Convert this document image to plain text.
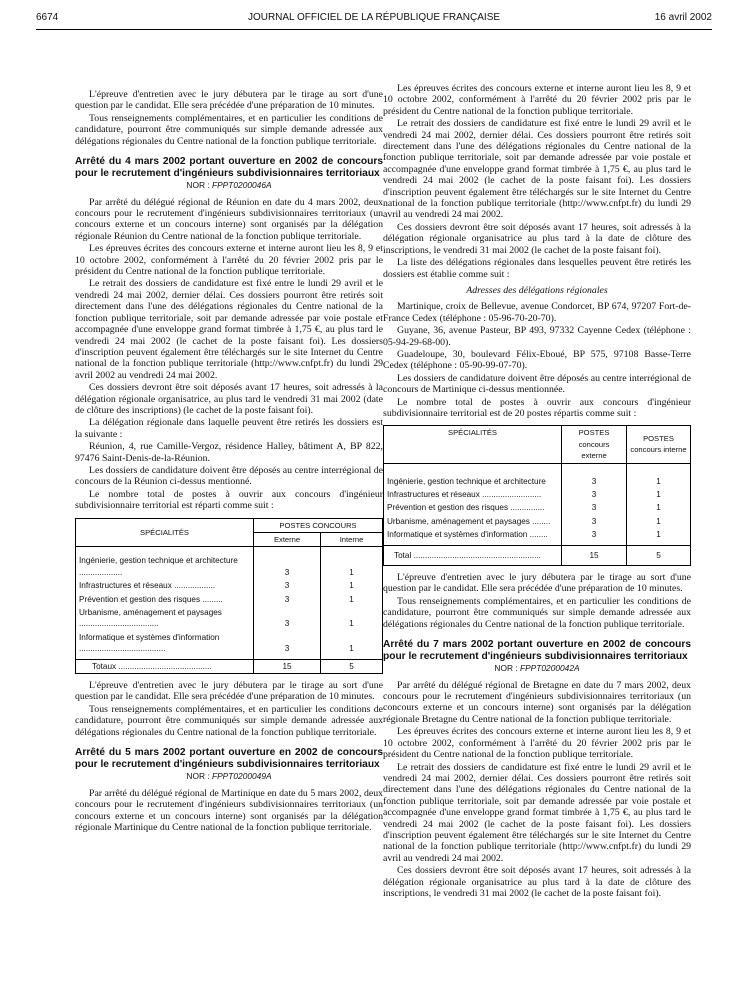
6674	JOURNAL OFFICIEL DE LA RÉPUBLIQUE FRANÇAISE	16 avril 2002

L'épreuve d'entretien avec le jury débutera par le tirage au sort d'une question par le candidat. Elle sera précédée d'une préparation de 10 minutes.

Tous renseignements complémentaires, et en particulier les conditions de candidature, pourront être communiqués sur simple demande adressée aux délégations régionales du Centre national de la fonction publique territoriale.

Arrêté du 4 mars 2002 portant ouverture en 2002 de concours pour le recrutement d'ingénieurs subdivisionnaires territoriaux
NOR : FPPT0200046A

Par arrêté du délégué régional de Réunion en date du 4 mars 2002, deux concours pour le recrutement d'ingénieurs subdivisionnaires territoriaux (un concours externe et un concours interne) sont organisés par la délégation régionale Réunion du Centre national de la fonction publique territoriale.

Les épreuves écrites des concours externe et interne auront lieu les 8, 9 et 10 octobre 2002, conformément à l'arrêté du 20 février 2002 pris par le président du Centre national de la fonction publique territoriale.

Le retrait des dossiers de candidature est fixé entre le lundi 29 avril et le vendredi 24 mai 2002, dernier délai. Ces dossiers pourront être retirés soit directement dans l'une des délégations régionales du Centre national de la fonction publique territoriale, soit par demande adressée par voie postale et accompagnée d'une enveloppe grand format timbrée à 1,75 €, au plus tard le vendredi 24 mai 2002 (le cachet de la poste faisant foi). Les dossiers d'inscription peuvent également être téléchargés sur le site Internet du Centre national de la fonction publique territoriale (http://www.cnfpt.fr) du lundi 29 avril 2002 au vendredi 24 mai 2002.

Ces dossiers devront être soit déposés avant 17 heures, soit adressés à la délégation régionale organisatrice, au plus tard le vendredi 31 mai 2002 (date de clôture des inscriptions) (le cachet de la poste faisant foi).

La délégation régionale dans laquelle peuvent être retirés les dossiers est la suivante :

Réunion, 4, rue Camille-Vergoz, résidence Halley, bâtiment A, BP 822, 97476 Saint-Denis-de-la-Réunion.

Les dossiers de candidature doivent être déposés au centre interrégional de concours de la Réunion ci-dessus mentionné.

Le nombre total de postes à ouvrir aux concours d'ingénieur subdivisionnaire territorial est réparti comme suit :

SPÉCIALITÉS	POSTES CONCOURS	
	Externe	Interne
Ingénierie, gestion technique et architecture ...................	3	1
Infrastructures et réseaux ..................	3	1
Prévention et gestion des risques .........	3	1
Urbanisme, aménagement et paysages ...................................	3	1
Informatique et systèmes d'information ......................................	3	1
Totaux .........................................	15	5

L'épreuve d'entretien avec le jury débutera par le tirage au sort d'une question par le candidat. Elle sera précédée d'une préparation de 10 minutes.

Tous renseignements complémentaires, et en particulier les conditions de candidature, pourront être communiqués sur simple demande adressée aux délégations régionales du Centre national de la fonction publique territoriale.

Arrêté du 5 mars 2002 portant ouverture en 2002 de concours pour le recrutement d'ingénieurs subdivisionnaires territoriaux
NOR : FPPT0200049A

Par arrêté du délégué régional de Martinique en date du 5 mars 2002, deux concours pour le recrutement d'ingénieurs subdivisionnaires territoriaux (un concours externe et un concours interne) sont organisés par la délégation régionale Martinique du Centre national de la fonction publique territoriale.

Les épreuves écrites des concours externe et interne auront lieu les 8, 9 et 10 octobre 2002, conformément à l'arrêté du 20 février 2002 pris par le président du Centre national de la fonction publique territoriale.

Le retrait des dossiers de candidature est fixé entre le lundi 29 avril et le vendredi 24 mai 2002, dernier délai. Ces dossiers pourront être retirés soit directement dans l'une des délégations régionales du Centre national de la fonction publique territoriale, soit par demande adressée par voie postale et accompagnée d'une enveloppe grand format timbrée à 1,75 €, au plus tard le vendredi 24 mai 2002 (le cachet de la poste faisant foi). Les dossiers d'inscription peuvent également être téléchargés sur le site Internet du Centre national de la fonction publique territoriale (http://www.cnfpt.fr) du lundi 29 avril au vendredi 24 mai 2002.

Ces dossiers devront être soit déposés avant 17 heures, soit adressés à la délégation régionale organisatrice au plus tard à la date de clôture des inscriptions, le vendredi 31 mai 2002 (le cachet de la poste faisant foi).

La liste des délégations régionales dans lesquelles peuvent être retirés les dossiers est établie comme suit :

Adresses des délégations régionales

Martinique, croix de Bellevue, avenue Condorcet, BP 674, 97207 Fort-de-France Cedex (téléphone : 05-96-70-20-70).

Guyane, 36, avenue Pasteur, BP 493, 97332 Cayenne Cedex (téléphone : 05-94-29-68-00).

Guadeloupe, 30, boulevard Félix-Eboué, BP 575, 97108 Basse-Terre Cedex (téléphone : 05-90-99-07-70).

Les dossiers de candidature doivent être déposés au centre interrégional de concours de Martinique ci-dessus mentionnée.

Le nombre total de postes à ouvrir aux concours d'ingénieur subdivisionnaire territorial est de 20 postes répartis comme suit :

SPÉCIALITÉS	POSTES concours externe	POSTES concours interne
Ingénierie, gestion technique et architecture	3	1
Infrastructures et réseaux ..........................	3	1
Prévention et gestion des risques ...............	3	1
Urbanisme, aménagement et paysages ........	3	1
Informatique et systèmes d'information ........	3	1
Total ........................................................	15	5

L'épreuve d'entretien avec le jury débutera par le tirage au sort d'une question par le candidat. Elle sera précédée d'une préparation de 10 minutes.

Tous renseignements complémentaires, et en particulier les conditions de candidature, pourront être communiqués sur simple demande adressée aux délégations régionales du Centre national de la fonction publique territoriale.

Arrêté du 7 mars 2002 portant ouverture en 2002 de concours pour le recrutement d'ingénieurs subdivisionnaires territoriaux
NOR : FPPT0200042A

Par arrêté du délégué régional de Bretagne en date du 7 mars 2002, deux concours pour le recrutement d'ingénieurs subdivisionnaires territoriaux (un concours externe et un concours interne) sont organisés par la délégation régionale Bretagne du Centre national de la fonction publique territoriale.

Les épreuves écrites des concours externe et interne auront lieu les 8, 9 et 10 octobre 2002, conformément à l'arrêté du 20 février 2002 pris par le président du Centre national de la fonction publique territoriale.

Le retrait des dossiers de candidature est fixé entre le lundi 29 avril et le vendredi 24 mai 2002, dernier délai. Ces dossiers pourront être retirés soit directement dans l'une des délégations régionales du Centre national de la fonction publique territoriale, soit par demande adressée par voie postale et accompagnée d'une enveloppe grand format timbrée à 1,75 €, au plus tard le vendredi 24 mai 2002 (le cachet de la poste faisant foi). Les dossiers d'inscription peuvent également être téléchargés sur le site Internet du Centre national de la fonction publique territoriale (http://www.cnfpt.fr) du lundi 29 avril au vendredi 24 mai 2002.

Ces dossiers devront être soit déposés avant 17 heures, soit adressés à la délégation régionale organisatrice au plus tard à la date de clôture des inscriptions, le vendredi 31 mai 2002 (le cachet de la poste faisant foi).
